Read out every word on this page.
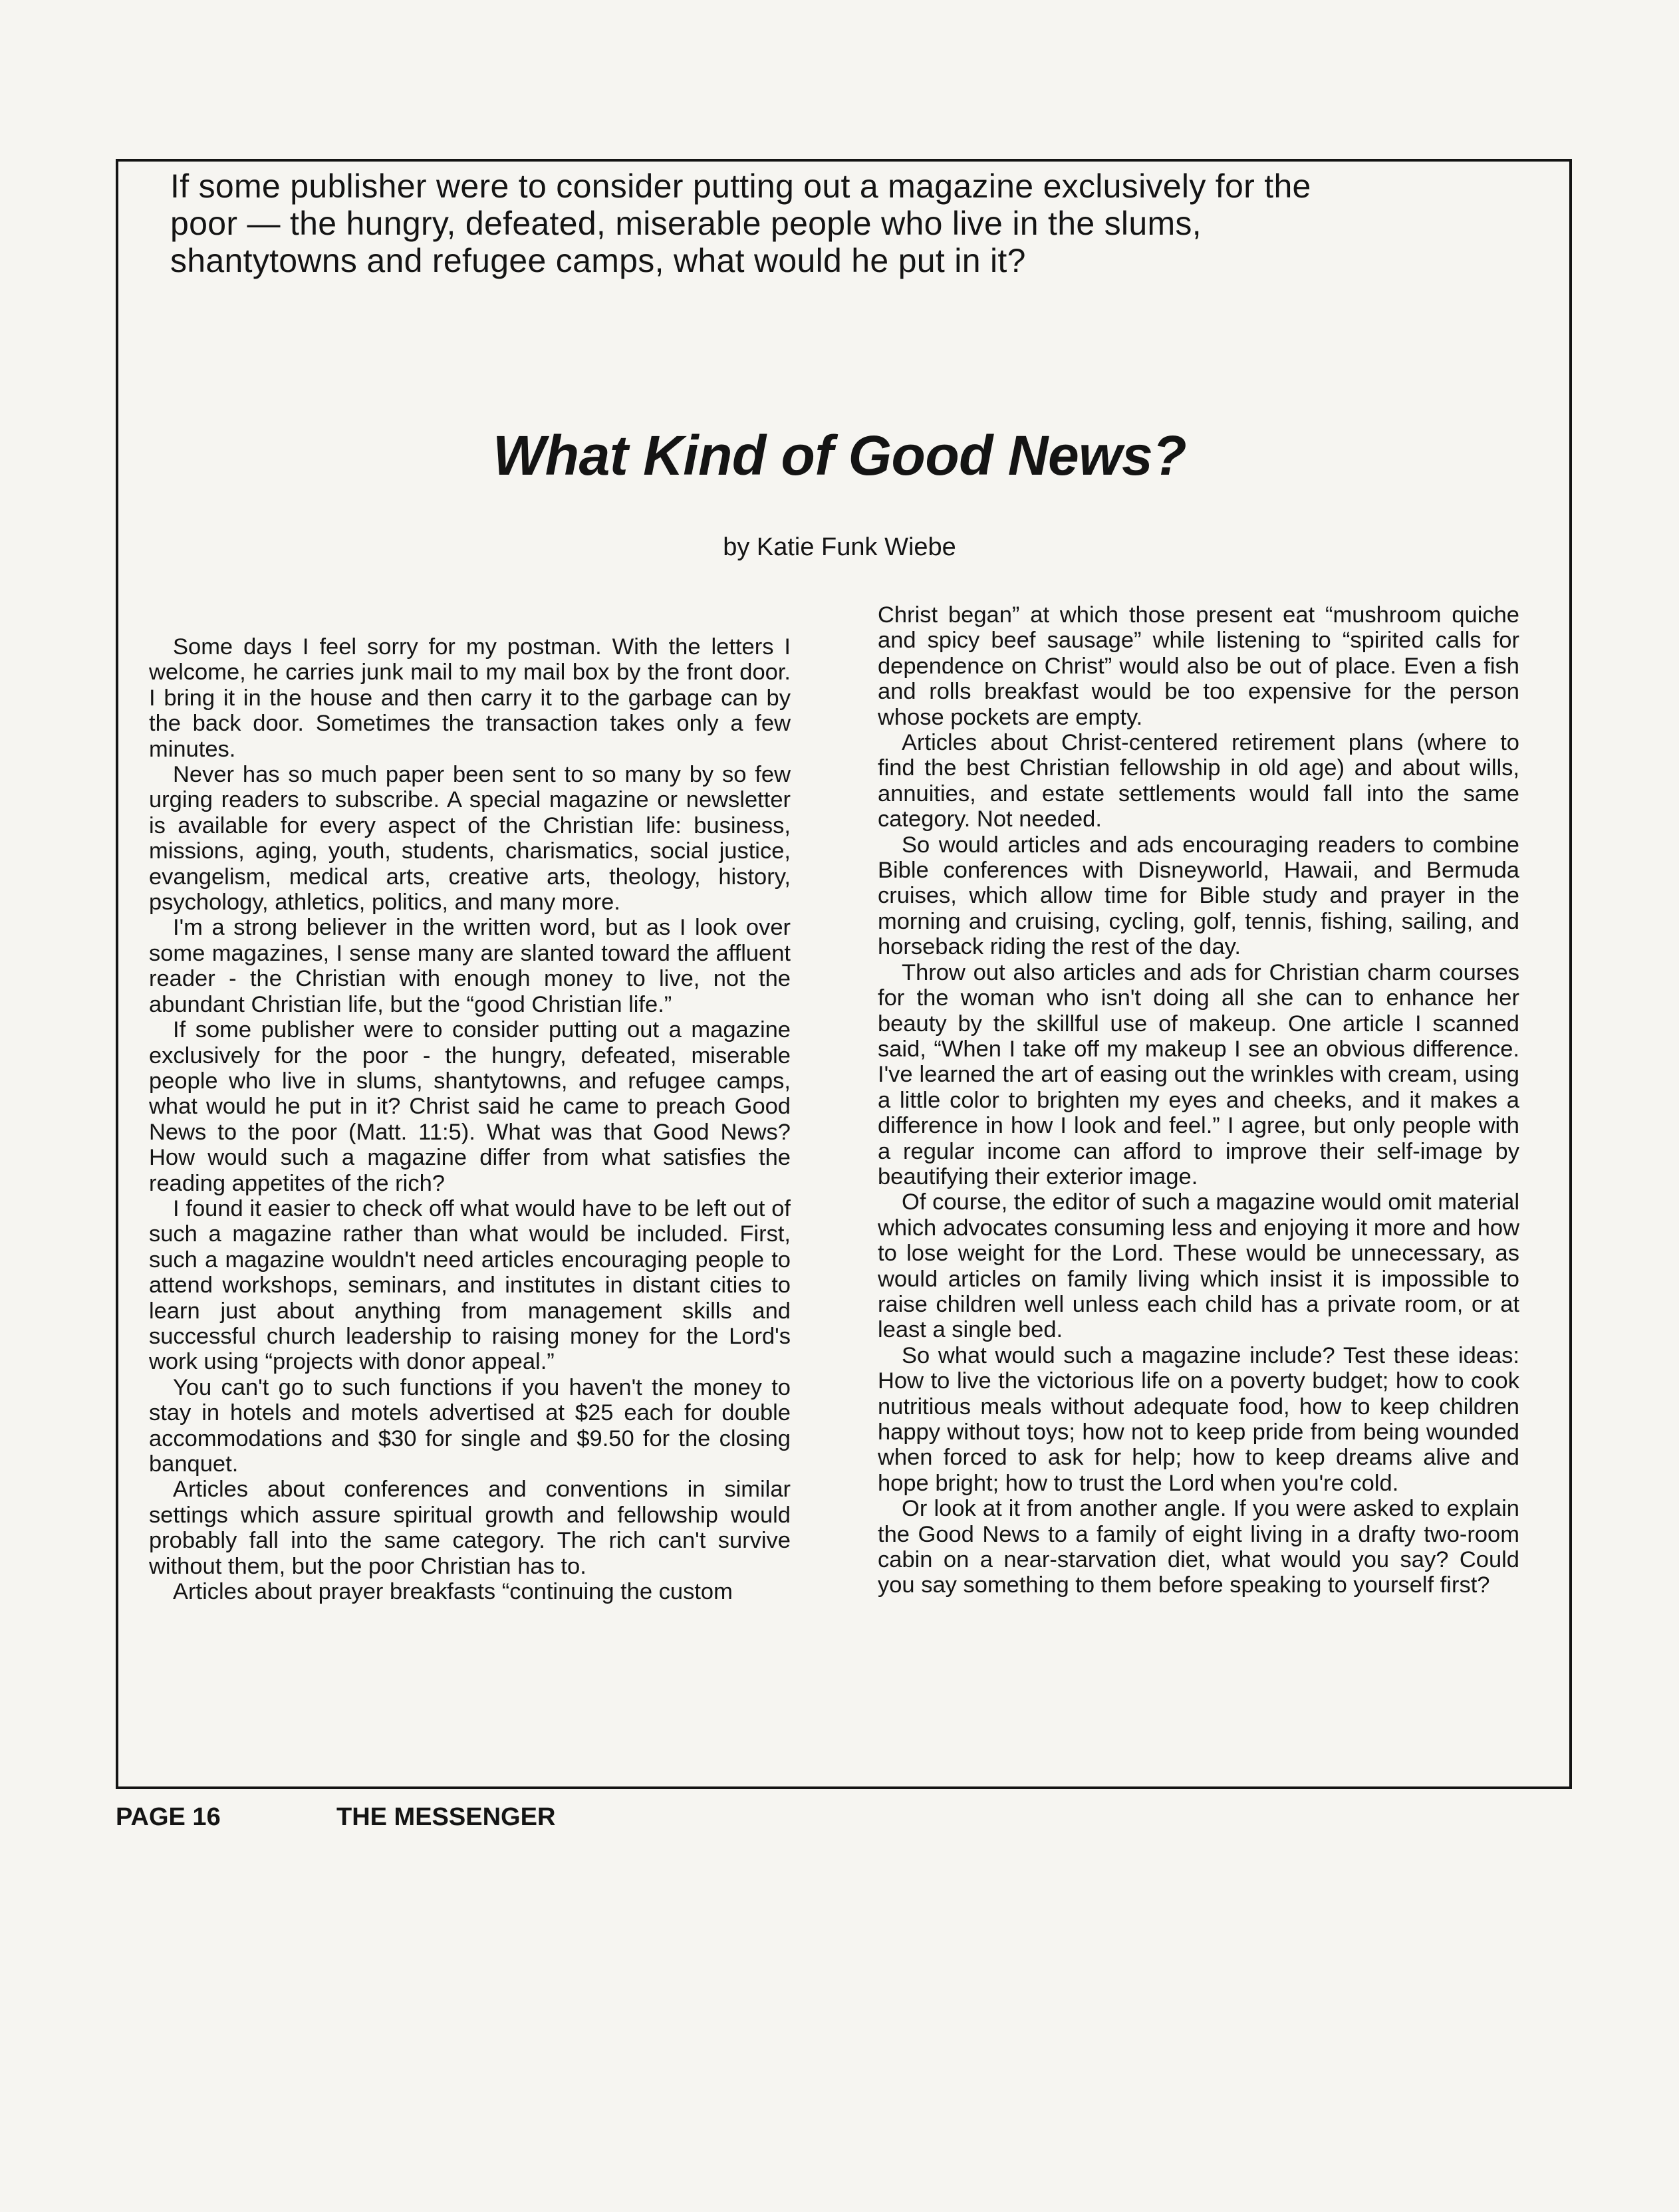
If some publisher were to consider putting out a magazine exclusively for the poor — the hungry, defeated, miserable people who live in the slums, shantytowns and refugee camps, what would he put in it?

What Kind of Good News?

by Katie Funk Wiebe

Some days I feel sorry for my postman. With the letters I welcome, he carries junk mail to my mail box by the front door. I bring it in the house and then carry it to the garbage can by the back door. Sometimes the transaction takes only a few minutes.

Never has so much paper been sent to so many by so few urging readers to subscribe. A special magazine or newsletter is available for every aspect of the Christian life: business, missions, aging, youth, students, charismatics, social justice, evangelism, medical arts, creative arts, theology, history, psychology, athletics, politics, and many more.

I'm a strong believer in the written word, but as I look over some magazines, I sense many are slanted toward the affluent reader - the Christian with enough money to live, not the abundant Christian life, but the “good Christian life.”

If some publisher were to consider putting out a magazine exclusively for the poor - the hungry, defeated, miserable people who live in slums, shantytowns, and refugee camps, what would he put in it? Christ said he came to preach Good News to the poor (Matt. 11:5). What was that Good News? How would such a magazine differ from what satisfies the reading appetites of the rich?

I found it easier to check off what would have to be left out of such a magazine rather than what would be included. First, such a magazine wouldn't need articles encouraging people to attend workshops, seminars, and institutes in distant cities to learn just about anything from management skills and successful church leadership to raising money for the Lord's work using “projects with donor appeal.”

You can't go to such functions if you haven't the money to stay in hotels and motels advertised at $25 each for double accommodations and $30 for single and $9.50 for the closing banquet.

Articles about conferences and conventions in similar settings which assure spiritual growth and fellowship would probably fall into the same category. The rich can't survive without them, but the poor Christian has to.

Articles about prayer breakfasts “continuing the custom

Christ began” at which those present eat “mushroom quiche and spicy beef sausage” while listening to “spirited calls for dependence on Christ” would also be out of place. Even a fish and rolls breakfast would be too expensive for the person whose pockets are empty.

Articles about Christ-centered retirement plans (where to find the best Christian fellowship in old age) and about wills, annuities, and estate settlements would fall into the same category. Not needed.

So would articles and ads encouraging readers to combine Bible conferences with Disneyworld, Hawaii, and Bermuda cruises, which allow time for Bible study and prayer in the morning and cruising, cycling, golf, tennis, fishing, sailing, and horseback riding the rest of the day.

Throw out also articles and ads for Christian charm courses for the woman who isn't doing all she can to enhance her beauty by the skillful use of makeup. One article I scanned said, “When I take off my makeup I see an obvious difference. I've learned the art of easing out the wrinkles with cream, using a little color to brighten my eyes and cheeks, and it makes a difference in how I look and feel.” I agree, but only people with a regular income can afford to improve their self-image by beautifying their exterior image.

Of course, the editor of such a magazine would omit material which advocates consuming less and enjoying it more and how to lose weight for the Lord. These would be unnecessary, as would articles on family living which insist it is impossible to raise children well unless each child has a private room, or at least a single bed.

So what would such a magazine include? Test these ideas: How to live the victorious life on a poverty budget; how to cook nutritious meals without adequate food, how to keep children happy without toys; how not to keep pride from being wounded when forced to ask for help; how to keep dreams alive and hope bright; how to trust the Lord when you're cold.

Or look at it from another angle. If you were asked to explain the Good News to a family of eight living in a drafty two-room cabin on a near-starvation diet, what would you say? Could you say something to them before speaking to yourself first?

PAGE 16	THE MESSENGER
